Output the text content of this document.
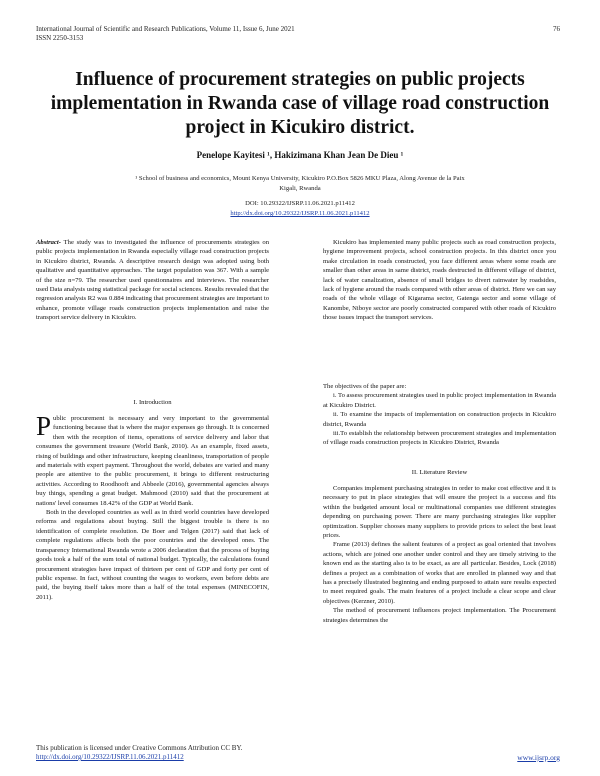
International Journal of Scientific and Research Publications, Volume 11, Issue 6, June 2021
ISSN 2250-3153
76
Influence of procurement strategies on public projects implementation in Rwanda case of village road construction project in Kicukiro district.
Penelope Kayitesi ¹, Hakizimana Khan Jean De Dieu ¹
¹ School of business and economics, Mount Kenya University, Kicukiro P.O.Box 5826 MKU Plaza, Along Avenue de la Paix
Kigali, Rwanda
DOI: 10.29322/IJSRP.11.06.2021.p11412
http://dx.doi.org/10.29322/IJSRP.11.06.2021.p11412

Abstract- The study was to investigated the influence of procurements strategies on public projects implementation in Rwanda especially village road construction projects in Kicukiro district, Rwanda. A descriptive research design was adopted using both qualitative and quantitative approaches. The target population was 367. With a sample of the size n=79. The researcher used questionnaires and interviews. The researcher used Data analysis using statistical package for social sciences. Results revealed that the regression analysis R2 was 0.884 indicating that procurement strategies are important to enhance, promote village roads construction projects implementation and raise the transport service delivery in Kicukiro.

I. Introduction

Public procurement is necessary and very important to the governmental functioning because that is where the major expenses go through. It is concerned then with the reception of items, operations of service delivery and labor that consumes the government treasure (World Bank, 2010). As an example, fixed assets, rising of buildings and other infrastructure, keeping cleanliness, transportation of people and materials with expert payment. Throughout the world, debates are varied and many people are attentive to the public procurement, it brings to different restructuring activities. According to Roodhooft and Abbeele (2016), governmental agencies always buy things, spending a great budget. Mahmood (2010) said that the procurement at nations' level consumes 18.42% of the GDP at World Bank.

Both in the developed countries as well as in third world countries have developed reforms and regulations about buying. Still the biggest trouble is there is no identification of complete resolution. De Boer and Telgen (2017) said that lack of complete regulations affects both the poor countries and the developed ones. The transparency International Rwanda wrote a 2006 declaration that the process of buying goods took a half of the sum total of national budget. Typically, the calculations found procurement strategies have impact of thirteen per cent of GDP and forty per cent of public expense. In fact, without counting the wages to workers, even before debts are paid, the buying itself takes more than a half of the total expenses (MINECOFIN, 2011).

Kicukiro has implemented many public projects such as road construction projects, hygiene improvement projects, school construction projects. In this district once you make circulation in roads constructed, you face different areas where some roads are smaller than other areas in same district, roads destructed in different village of district, lack of water canalization, absence of small bridges to divert rainwater by roadsides, lack of hygiene around the roads compared with other areas of district. Here we can say roads of the whole village of Kigarama sector, Gatenga sector and some village of Kanombe, Niboye sector are poorly constructed compared with other roads of Kicukiro those issues impact the transport services.

The objectives of the paper are:

i. To assess procurement strategies used in public project implementation in Rwanda at Kicukiro District.

ii. To examine the impacts of implementation on construction projects in Kicukiro district, Rwanda

iii.To establish the relationship between procurement strategies and implementation of village roads construction projects in Kicukiro District, Rwanda

II. Literature Review

Companies implement purchasing strategies in order to make cost effective and it is necessary to put in place strategies that will ensure the project is a success and fits within the budgeted amount local or multinational companies use different strategies depending on purchasing power. There are many purchasing strategies like supplier optimization. Supplier chooses many suppliers to provide prices to select the best least prices.

Frame (2013) defines the salient features of a project as goal oriented that involves actions, which are joined one another under control and they are timely striving to the known end as the starting also is to be exact, as are all particular. Besides, Lock (2018) defines a project as a combination of works that are enrolled in planned way and that has a precisely illustrated beginning and ending purposed to attain sure results expected to meet required goals. The main features of a project include a clear scope and clear objectives (Kerzner, 2010).

The method of procurement influences project implementation. The Procurement strategies determines the

This publication is licensed under Creative Commons Attribution CC BY.
http://dx.doi.org/10.29322/IJSRP.11.06.2021.p11412	www.ijsrp.org
